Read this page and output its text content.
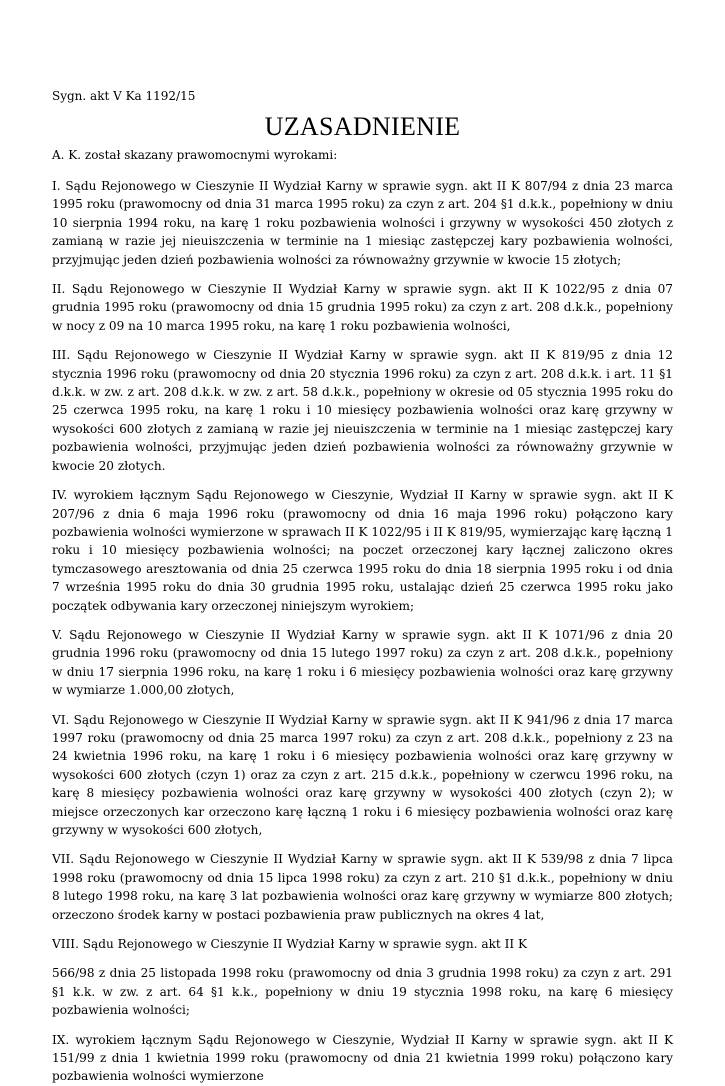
Sygn. akt V Ka 1192/15
UZASADNIENIE

A. K. został skazany prawomocnymi wyrokami:

I. Sądu Rejonowego w Cieszynie II Wydział Karny w sprawie sygn. akt II K 807/94 z dnia 23 marca 1995 roku (prawomocny od dnia 31 marca 1995 roku) za czyn z art. 204 §1 d.k.k., popełniony w dniu 10 sierpnia 1994 roku, na karę 1 roku pozbawienia wolności i grzywny w wysokości 450 złotych z zamianą w razie jej nieuiszczenia w terminie na 1 miesiąc zastępczej kary pozbawienia wolności, przyjmując jeden dzień pozbawienia wolności za równoważny grzywnie w kwocie 15 złotych;

II. Sądu Rejonowego w Cieszynie II Wydział Karny w sprawie sygn. akt II K 1022/95 z dnia 07 grudnia 1995 roku (prawomocny od dnia 15 grudnia 1995 roku) za czyn z art. 208 d.k.k., popełniony w nocy z 09 na 10 marca 1995 roku, na karę 1 roku pozbawienia wolności,

III. Sądu Rejonowego w Cieszynie II Wydział Karny w sprawie sygn. akt II K 819/95 z dnia 12 stycznia 1996 roku (prawomocny od dnia 20 stycznia 1996 roku) za czyn z art. 208 d.k.k. i art. 11 §1 d.k.k. w zw. z art. 208 d.k.k. w zw. z art. 58 d.k.k., popełniony w okresie od 05 stycznia 1995 roku do 25 czerwca 1995 roku, na karę 1 roku i 10 miesięcy pozbawienia wolności oraz karę grzywny w wysokości 600 złotych z zamianą w razie jej nieuiszczenia w terminie na 1 miesiąc zastępczej kary pozbawienia wolności, przyjmując jeden dzień pozbawienia wolności za równoważny grzywnie w kwocie 20 złotych.

IV. wyrokiem łącznym Sądu Rejonowego w Cieszynie, Wydział II Karny w sprawie sygn. akt II K 207/96 z dnia 6 maja 1996 roku (prawomocny od dnia 16 maja 1996 roku) połączono kary pozbawienia wolności wymierzone w sprawach II K 1022/95 i II K 819/95, wymierzając karę łączną 1 roku i 10 miesięcy pozbawienia wolności; na poczet orzeczonej kary łącznej zaliczono okres tymczasowego aresztowania od dnia 25 czerwca 1995 roku do dnia 18 sierpnia 1995 roku i od dnia 7 września 1995 roku do dnia 30 grudnia 1995 roku, ustalając dzień 25 czerwca 1995 roku jako początek odbywania kary orzeczonej niniejszym wyrokiem;

V. Sądu Rejonowego w Cieszynie II Wydział Karny w sprawie sygn. akt II K 1071/96 z dnia 20 grudnia 1996 roku (prawomocny od dnia 15 lutego 1997 roku) za czyn z art. 208 d.k.k., popełniony w dniu 17 sierpnia 1996 roku, na karę 1 roku i 6 miesięcy pozbawienia wolności oraz karę grzywny w wymiarze 1.000,00 złotych,

VI. Sądu Rejonowego w Cieszynie II Wydział Karny w sprawie sygn. akt II K 941/96 z dnia 17 marca 1997 roku (prawomocny od dnia 25 marca 1997 roku) za czyn z art. 208 d.k.k., popełniony z 23 na 24 kwietnia 1996 roku, na karę 1 roku i 6 miesięcy pozbawienia wolności oraz karę grzywny w wysokości 600 złotych (czyn 1) oraz za czyn z art. 215 d.k.k., popełniony w czerwcu 1996 roku, na karę 8 miesięcy pozbawienia wolności oraz karę grzywny w wysokości 400 złotych (czyn 2); w miejsce orzeczonych kar orzeczono karę łączną 1 roku i 6 miesięcy pozbawienia wolności oraz karę grzywny w wysokości 600 złotych,

VII. Sądu Rejonowego w Cieszynie II Wydział Karny w sprawie sygn. akt II K 539/98 z dnia 7 lipca 1998 roku (prawomocny od dnia 15 lipca 1998 roku) za czyn z art. 210 §1 d.k.k., popełniony w dniu 8 lutego 1998 roku, na karę 3 lat pozbawienia wolności oraz karę grzywny w wymiarze 800 złotych; orzeczono środek karny w postaci pozbawienia praw publicznych na okres 4 lat,

VIII. Sądu Rejonowego w Cieszynie II Wydział Karny w sprawie sygn. akt II K

566/98 z dnia 25 listopada 1998 roku (prawomocny od dnia 3 grudnia 1998 roku) za czyn z art. 291 §1 k.k. w zw. z art. 64 §1 k.k., popełniony w dniu 19 stycznia 1998 roku, na karę 6 miesięcy pozbawienia wolności;

IX. wyrokiem łącznym Sądu Rejonowego w Cieszynie, Wydział II Karny w sprawie sygn. akt II K 151/99 z dnia 1 kwietnia 1999 roku (prawomocny od dnia 21 kwietnia 1999 roku) połączono kary pozbawienia wolności wymierzone
